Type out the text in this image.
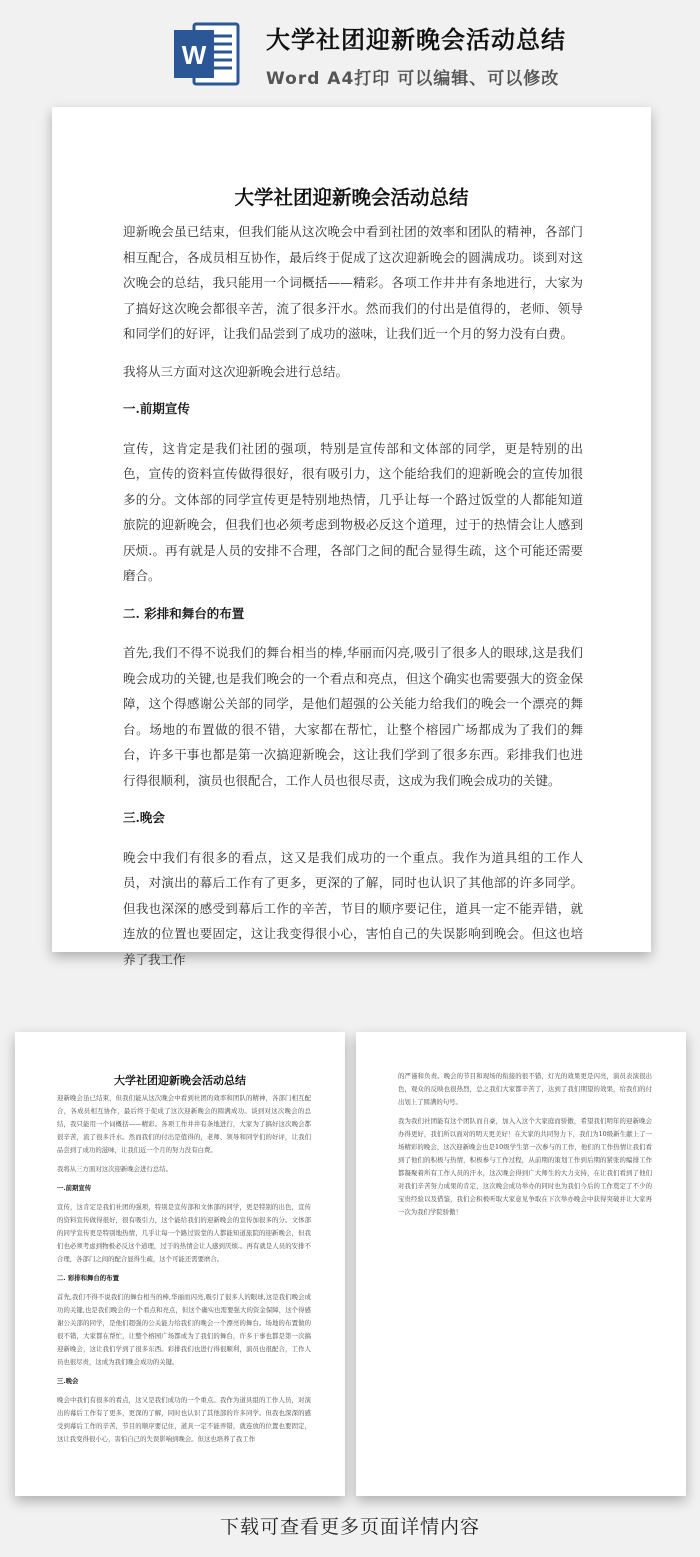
W 大学社团迎新晚会活动总结
Word A4打印 可以编辑、可以修改
大学社团迎新晚会活动总结

迎新晚会虽已结束，但我们能从这次晚会中看到社团的效率和团队的精神，各部门相互配合，各成员相互协作，最后终于促成了这次迎新晚会的圆满成功。谈到对这次晚会的总结，我只能用一个词概括——精彩。各项工作井井有条地进行，大家为了搞好这次晚会都很辛苦，流了很多汗水。然而我们的付出是值得的，老师、领导和同学们的好评，让我们品尝到了成功的滋味，让我们近一个月的努力没有白费。

我将从三方面对这次迎新晚会进行总结。

一.前期宣传

宣传，这肯定是我们社团的强项，特别是宣传部和文体部的同学，更是特别的出色，宣传的资料宣传做得很好，很有吸引力，这个能给我们的迎新晚会的宣传加很多的分。文体部的同学宣传更是特别地热情，几乎让每一个路过饭堂的人都能知道旅院的迎新晚会，但我们也必须考虑到物极必反这个道理，过于的热情会让人感到厌烦.。再有就是人员的安排不合理，各部门之间的配合显得生疏，这个可能还需要磨合。

二. 彩排和舞台的布置

首先,我们不得不说我们的舞台相当的棒,华丽而闪亮,吸引了很多人的眼球,这是我们晚会成功的关键,也是我们晚会的一个看点和亮点，但这个确实也需要强大的资金保障，这个得感谢公关部的同学，是他们超强的公关能力给我们的晚会一个漂亮的舞台。场地的布置做的很不错，大家都在帮忙，让整个榕园广场都成为了我们的舞台，许多干事也都是第一次搞迎新晚会，这让我们学到了很多东西。彩排我们也进行得很顺利，演员也很配合，工作人员也很尽责，这成为我们晚会成功的关键。

三.晚会

晚会中我们有很多的看点，这又是我们成功的一个重点。我作为道具组的工作人员，对演出的幕后工作有了更多，更深的了解，同时也认识了其他部的许多同学。但我也深深的感受到幕后工作的辛苦，节目的顺序要记住，道具一定不能弄错，就连放的位置也要固定，这让我变得很小心，害怕自己的失误影响到晚会。但这也培养了我工作

大学社团迎新晚会活动总结

迎新晚会虽已结束，但我们能从这次晚会中看到社团的效率和团队的精神，各部门相互配合，各成员相互协作，最后终于促成了这次迎新晚会的圆满成功。谈到对这次晚会的总结，我只能用一个词概括——精彩。各项工作井井有条地进行，大家为了搞好这次晚会都很辛苦，流了很多汗水。然而我们的付出是值得的，老师、领导和同学们的好评，让我们品尝到了成功的滋味，让我们近一个月的努力没有白费。

我将从三方面对这次迎新晚会进行总结。

一.前期宣传

宣传，这肯定是我们社团的强项，特别是宣传部和文体部的同学，更是特别的出色，宣传的资料宣传做得很好，很有吸引力，这个能给我们的迎新晚会的宣传加很多的分。文体部的同学宣传更是特别地热情，几乎让每一个路过饭堂的人都能知道旅院的迎新晚会，但我们也必须考虑到物极必反这个道理，过于的热情会让人感到厌烦.。再有就是人员的安排不合理，各部门之间的配合显得生疏，这个可能还需要磨合。

二. 彩排和舞台的布置

首先,我们不得不说我们的舞台相当的棒,华丽而闪亮,吸引了很多人的眼球,这是我们晚会成功的关键,也是我们晚会的一个看点和亮点，但这个确实也需要强大的资金保障，这个得感谢公关部的同学，是他们超强的公关能力给我们的晚会一个漂亮的舞台。场地的布置做的很不错，大家都在帮忙，让整个榕园广场都成为了我们的舞台，许多干事也都是第一次搞迎新晚会，这让我们学到了很多东西。彩排我们也进行得很顺利，演员也很配合，工作人员也很尽责，这成为我们晚会成功的关键。

三.晚会

晚会中我们有很多的看点，这又是我们成功的一个重点。我作为道具组的工作人员，对演出的幕后工作有了更多，更深的了解，同时也认识了其他部的许多同学。但我也深深的感受到幕后工作的辛苦，节目的顺序要记住，道具一定不能弄错，就连放的位置也要固定，这让我变得很小心，害怕自己的失误影响到晚会。但这也培养了我工作

的严谨和负责。晚会的节目和现场的衔接的很不错，灯光的效果更是闪亮，演员表演很出色，观众的反映也很热烈，总之我们大家都辛苦了，达到了我们期望的效果，给我们的付出划上了圆满的句号。

我为我们社团能有这个团队而自豪，加入入这个大家庭而骄傲，希望我们明年的迎新晚会办得更好，我们所以面对的明天更美好！在大家的共同努力下，我们为10级新生献上了一场精彩的晚会，这次迎新晚会也是10级学生第一次参与的工作，他们的工作热情让我们看到了他们的积极与热情，积极参与工作过程，从前期的策划工作到后期的紧张的编排工作都凝聚着所有工作人员的汗水，这次晚会得到广大师生的大力支持，在让我们看到了他们对我们辛苦努力成果的肯定，这次晚会成功举办的同时也为我们今后的工作奠定了不少的宝贵经验以及借鉴，我们会积极听取大家意见争取在下次举办晚会中获得突破并让大家再一次为我们学院骄傲！

下载可查看更多页面详情内容
